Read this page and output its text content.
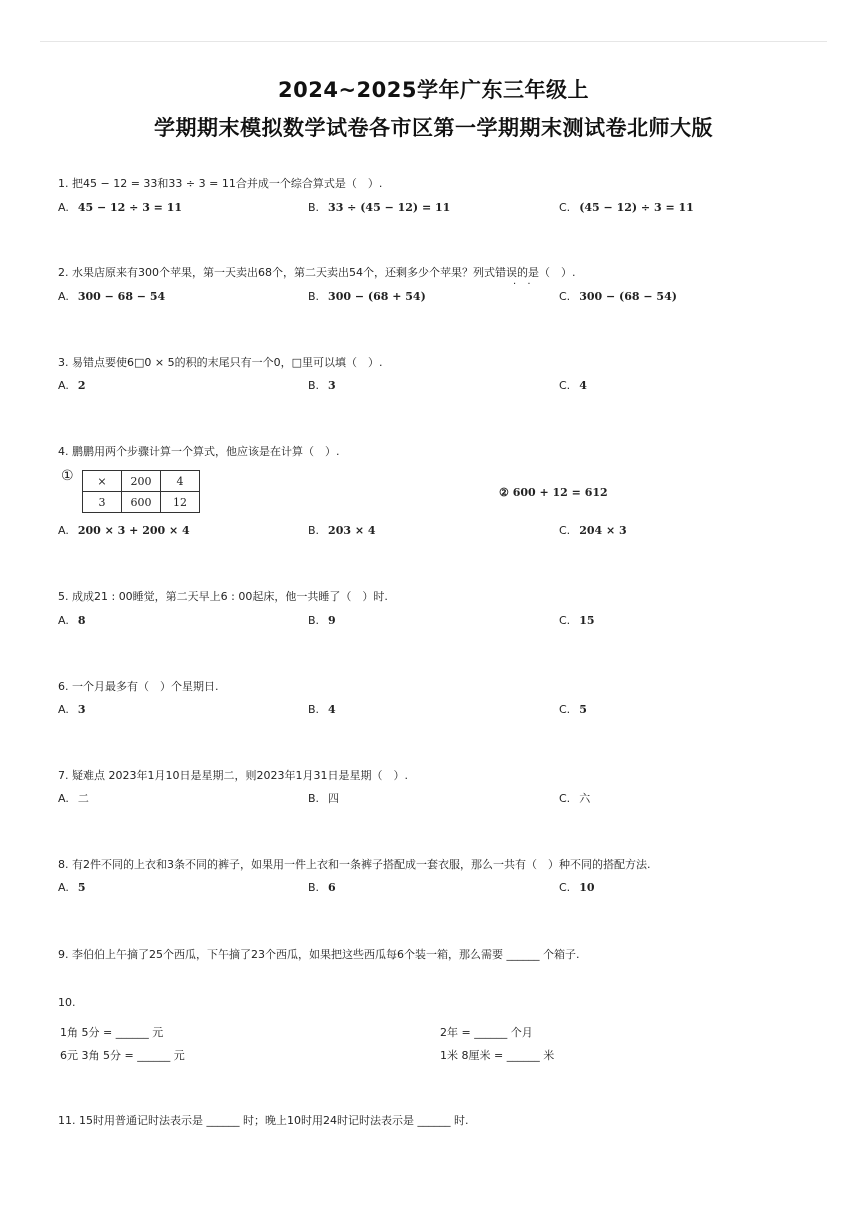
2024~2025学年广东三年级上
学期期末模拟数学试卷各市区第一学期期末测试卷北师大版
1. 把45 − 12 = 33和33 ÷ 3 = 11合并成一个综合算式是（　）.
A. 45 − 12 ÷ 3 = 11	B. 33 ÷ (45 − 12) = 11	C. (45 − 12) ÷ 3 = 11
2. 水果店原来有300个苹果，第一天卖出68个，第二天卖出54个，还剩多少个苹果？列式错误的是（　）.
· ·
A. 300 − 68 − 54	B. 300 − (68 + 54)	C. 300 − (68 − 54)
3. 易错点要使6□0 × 5的积的末尾只有一个0，□里可以填（　）.
A. 2	B. 3	C. 4
4. 鹏鹏用两个步骤计算一个算式，他应该是在计算（　）.
① ×	200	4
3	600	12
② 600 + 12 = 612
A. 200 × 3 + 200 × 4	B. 203 × 4	C. 204 × 3
5. 成成21 : 00睡觉，第二天早上6 : 00起床，他一共睡了（　）时.
A. 8	B. 9	C. 15
6. 一个月最多有（　）个星期日.
A. 3	B. 4	C. 5
7. 疑难点 2023年1月10日是星期二，则2023年1月31日是星期（　）.
A. 二	B. 四	C. 六
8. 有2件不同的上衣和3条不同的裤子，如果用一件上衣和一条裤子搭配成一套衣服，那么一共有（　）种不同的搭配方法.
A. 5	B. 6	C. 10
9. 李伯伯上午摘了25个西瓜，下午摘了23个西瓜，如果把这些西瓜每6个装一箱，那么需要 ______ 个箱子.
10.
1角 5分 = ______ 元	2年 = ______ 个月
6元 3角 5分 = ______ 元	1米 8厘米 = ______ 米
11. 15时用普通记时法表示是 ______ 时；晚上10时用24时记时法表示是 ______ 时.
